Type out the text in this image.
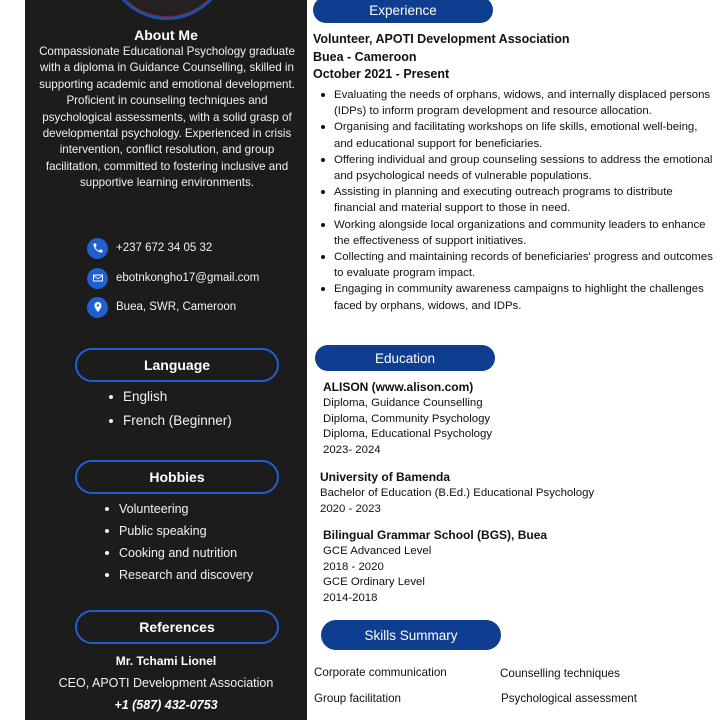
About Me
Compassionate Educational Psychology graduate with a diploma in Guidance Counselling, skilled in supporting academic and emotional development. Proficient in counseling techniques and psychological assessments, with a solid grasp of developmental psychology. Experienced in crisis intervention, conflict resolution, and group facilitation, committed to fostering inclusive and supportive learning environments.
+237 672 34 05 32
ebotnkongho17@gmail.com
Buea, SWR, Cameroon
Language
English
French (Beginner)
Hobbies
Volunteering
Public speaking
Cooking and nutrition
Research and discovery
References
Mr. Tchami Lionel
CEO, APOTI Development Association
+1 (587) 432-0753
Experience
Volunteer, APOTI Development Association
Buea - Cameroon
October 2021 - Present
Evaluating the needs of orphans, widows, and internally displaced persons (IDPs) to inform program development and resource allocation.
Organising and facilitating workshops on life skills, emotional well-being, and educational support for beneficiaries.
Offering individual and group counseling sessions to address the emotional and psychological needs of vulnerable populations.
Assisting in planning and executing outreach programs to distribute financial and material support to those in need.
Working alongside local organizations and community leaders to enhance the effectiveness of support initiatives.
Collecting and maintaining records of beneficiaries' progress and outcomes to evaluate program impact.
Engaging in community awareness campaigns to highlight the challenges faced by orphans, widows, and IDPs.
Education
ALISON (www.alison.com)
Diploma, Guidance Counselling
Diploma, Community Psychology
Diploma, Educational Psychology
2023- 2024
University of Bamenda
Bachelor of Education (B.Ed.) Educational Psychology
2020 - 2023
Bilingual Grammar School (BGS), Buea
GCE Advanced Level
2018 - 2020
GCE Ordinary Level
2014-2018
Skills Summary
Corporate communication	Counselling techniques
Group facilitation	Psychological assessment
